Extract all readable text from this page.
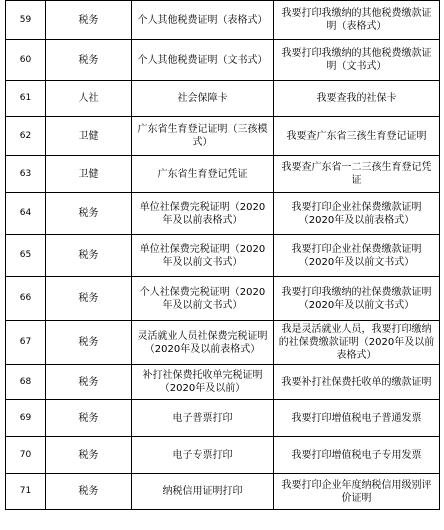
59	税务	个人其他税费证明（表格式）	我要打印我缴纳的其他税费缴款证明（表格式）
60	税务	个人其他税费证明（文书式）	我要打印我缴纳的其他税费缴款证明（文书式）
61	人社	社会保障卡	我要查我的社保卡
62	卫健	广东省生育登记证明（三孩模式）	我要查广东省三孩生育登记证明
63	卫健	广东省生育登记凭证	我要查广东省一二三孩生育登记凭证
64	税务	单位社保费完税证明（2020年及以前表格式）	我要打印企业社保费缴款证明（2020年及以前表格式）
65	税务	单位社保费完税证明（2020年及以前文书式）	我要打印企业社保费缴款证明（2020年及以前文书式）
66	税务	个人社保费完税证明（2020年及以前文书式）	我要打印我缴纳的社保费缴款证明（2020年及以前文书式）
67	税务	灵活就业人员社保费完税证明（2020年及以前表格式）	我是灵活就业人员，我要打印缴纳的社保费缴款证明（2020年及以前表格式）
68	税务	补打社保费托收单完税证明（2020年及以前）	我要补打社保费托收单的缴款证明
69	税务	电子普票打印	我要打印增值税电子普通发票
70	税务	电子专票打印	我要打印增值税电子专用发票
71	税务	纳税信用证明打印	我要打印企业年度纳税信用级别评价证明
